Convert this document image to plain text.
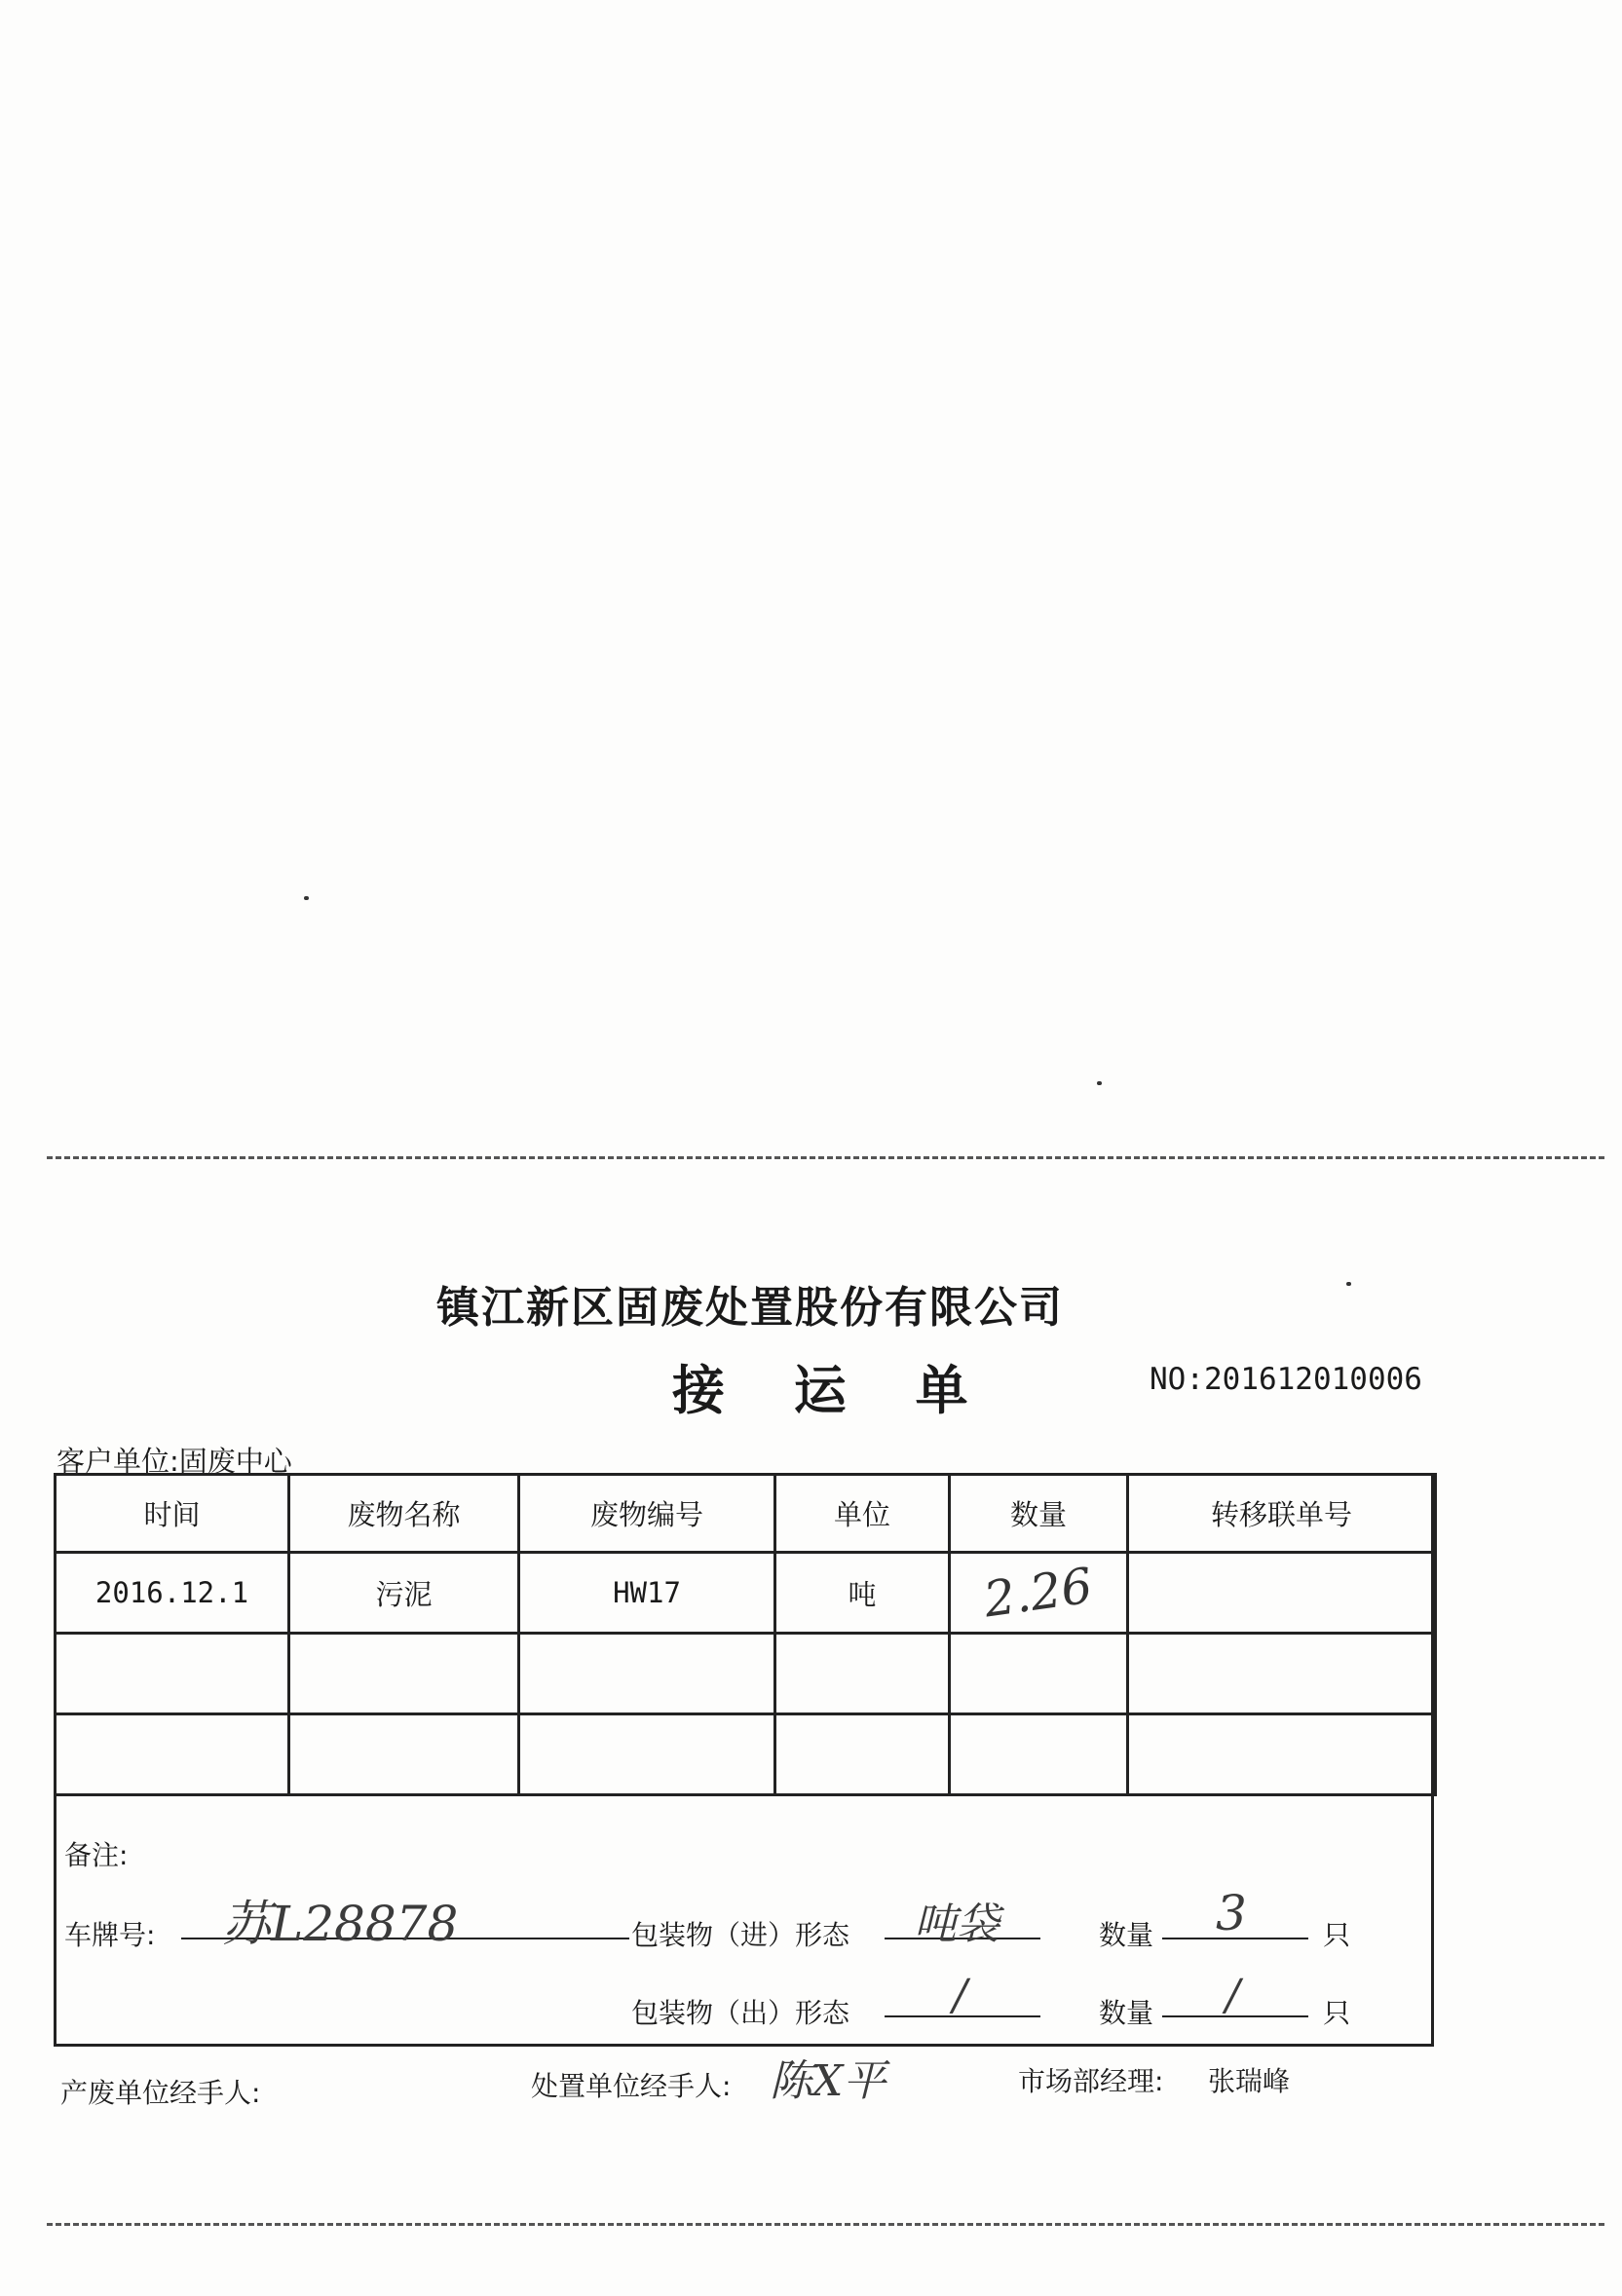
镇江新区固废处置股份有限公司
接 运 单	NO:201612010006
客户单位:固废中心
时间	废物名称	废物编号	单位	数量	转移联单号
2016.12.1	污泥	HW17	吨	2.26	

备注:
车牌号: 苏L28878	包装物（进）形态 吨袋	数量 3	只
包装物（出）形态 /	数量 /	只
产废单位经手人:	处置单位经手人: 陈X平	市场部经理: 张瑞峰
